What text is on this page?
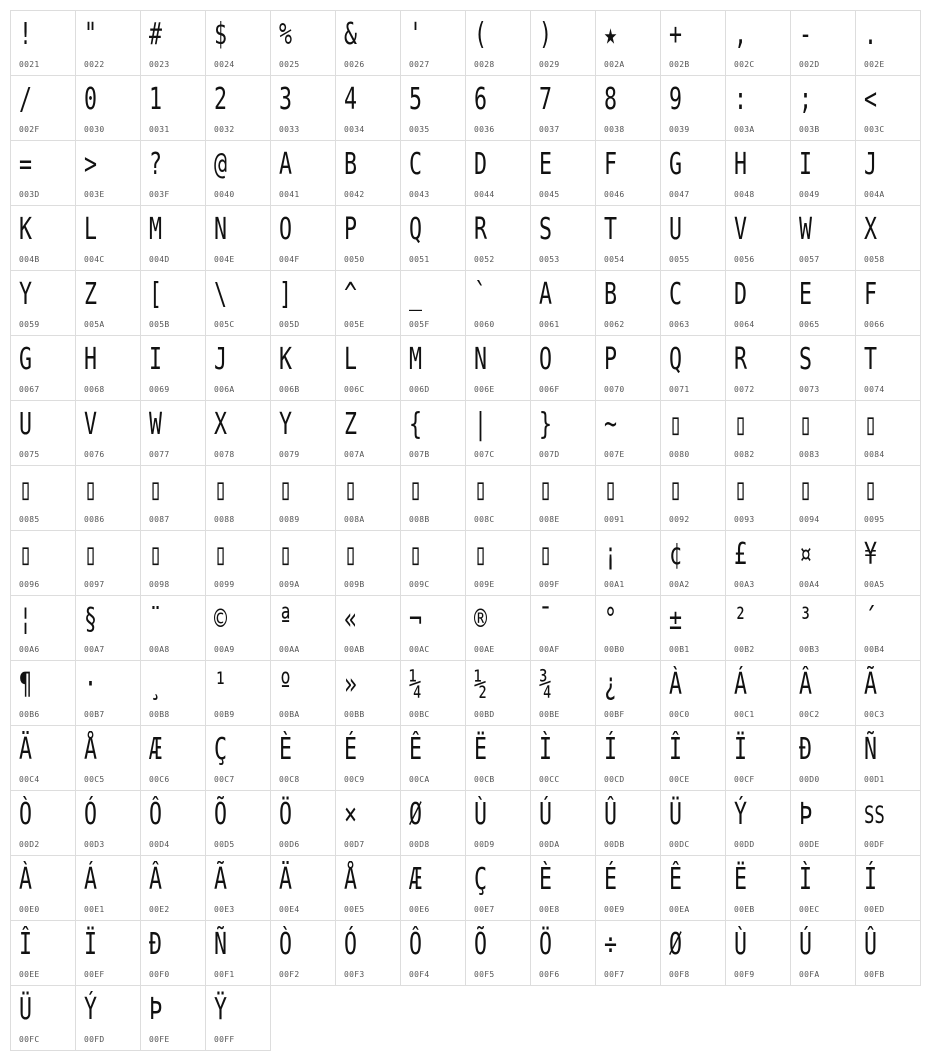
!
0021
"
0022
#
0023
$
0024
%
0025
&
0026
'
0027
(
0028
)
0029
★
002A
+
002B
,
002C
-
002D
.
002E
/
002F
0
0030
1
0031
2
0032
3
0033
4
0034
5
0035
6
0036
7
0037
8
0038
9
0039
:
003A
;
003B
<
003C
=
003D
>
003E
?
003F
@
0040
A
0041
B
0042
C
0043
D
0044
E
0045
F
0046
G
0047
H
0048
I
0049
J
004A
K
004B
L
004C
M
004D
N
004E
O
004F
P
0050
Q
0051
R
0052
S
0053
T
0054
U
0055
V
0056
W
0057
X
0058
Y
0059
Z
005A
[
005B
\
005C
]
005D
^
005E
_
005F
`
0060
A
0061
B
0062
C
0063
D
0064
E
0065
F
0066
G
0067
H
0068
I
0069
J
006A
K
006B
L
006C
M
006D
N
006E
O
006F
P
0070
Q
0071
R
0072
S
0073
T
0074
U
0075
V
0076
W
0077
X
0078
Y
0079
Z
007A
{
007B
|
007C
}
007D
~
007E
▯
0080
▯
0082
▯
0083
▯
0084
▯
0085
▯
0086
▯
0087
▯
0088
▯
0089
▯
008A
▯
008B
▯
008C
▯
008E
▯
0091
▯
0092
▯
0093
▯
0094
▯
0095
▯
0096
▯
0097
▯
0098
▯
0099
▯
009A
▯
009B
▯
009C
▯
009E
▯
009F
¡
00A1
¢
00A2
£
00A3
¤
00A4
¥
00A5
¦
00A6
§
00A7
¨
00A8
©
00A9
ª
00AA
«
00AB
¬
00AC
®
00AE
¯
00AF
°
00B0
±
00B1
²
00B2
³
00B3
´
00B4
¶
00B6
·
00B7
¸
00B8
¹
00B9
º
00BA
»
00BB
¼
00BC
½
00BD
¾
00BE
¿
00BF
À
00C0
Á
00C1
Â
00C2
Ã
00C3
Ä
00C4
Å
00C5
Æ
00C6
Ç
00C7
È
00C8
É
00C9
Ê
00CA
Ë
00CB
Ì
00CC
Í
00CD
Î
00CE
Ï
00CF
Ð
00D0
Ñ
00D1
Ò
00D2
Ó
00D3
Ô
00D4
Õ
00D5
Ö
00D6
×
00D7
Ø
00D8
Ù
00D9
Ú
00DA
Û
00DB
Ü
00DC
Ý
00DD
Þ
00DE
SS
00DF
À
00E0
Á
00E1
Â
00E2
Ã
00E3
Ä
00E4
Å
00E5
Æ
00E6
Ç
00E7
È
00E8
É
00E9
Ê
00EA
Ë
00EB
Ì
00EC
Í
00ED
Î
00EE
Ï
00EF
Ð
00F0
Ñ
00F1
Ò
00F2
Ó
00F3
Ô
00F4
Õ
00F5
Ö
00F6
÷
00F7
Ø
00F8
Ù
00F9
Ú
00FA
Û
00FB
Ü
00FC
Ý
00FD
Þ
00FE
Ÿ
00FF
